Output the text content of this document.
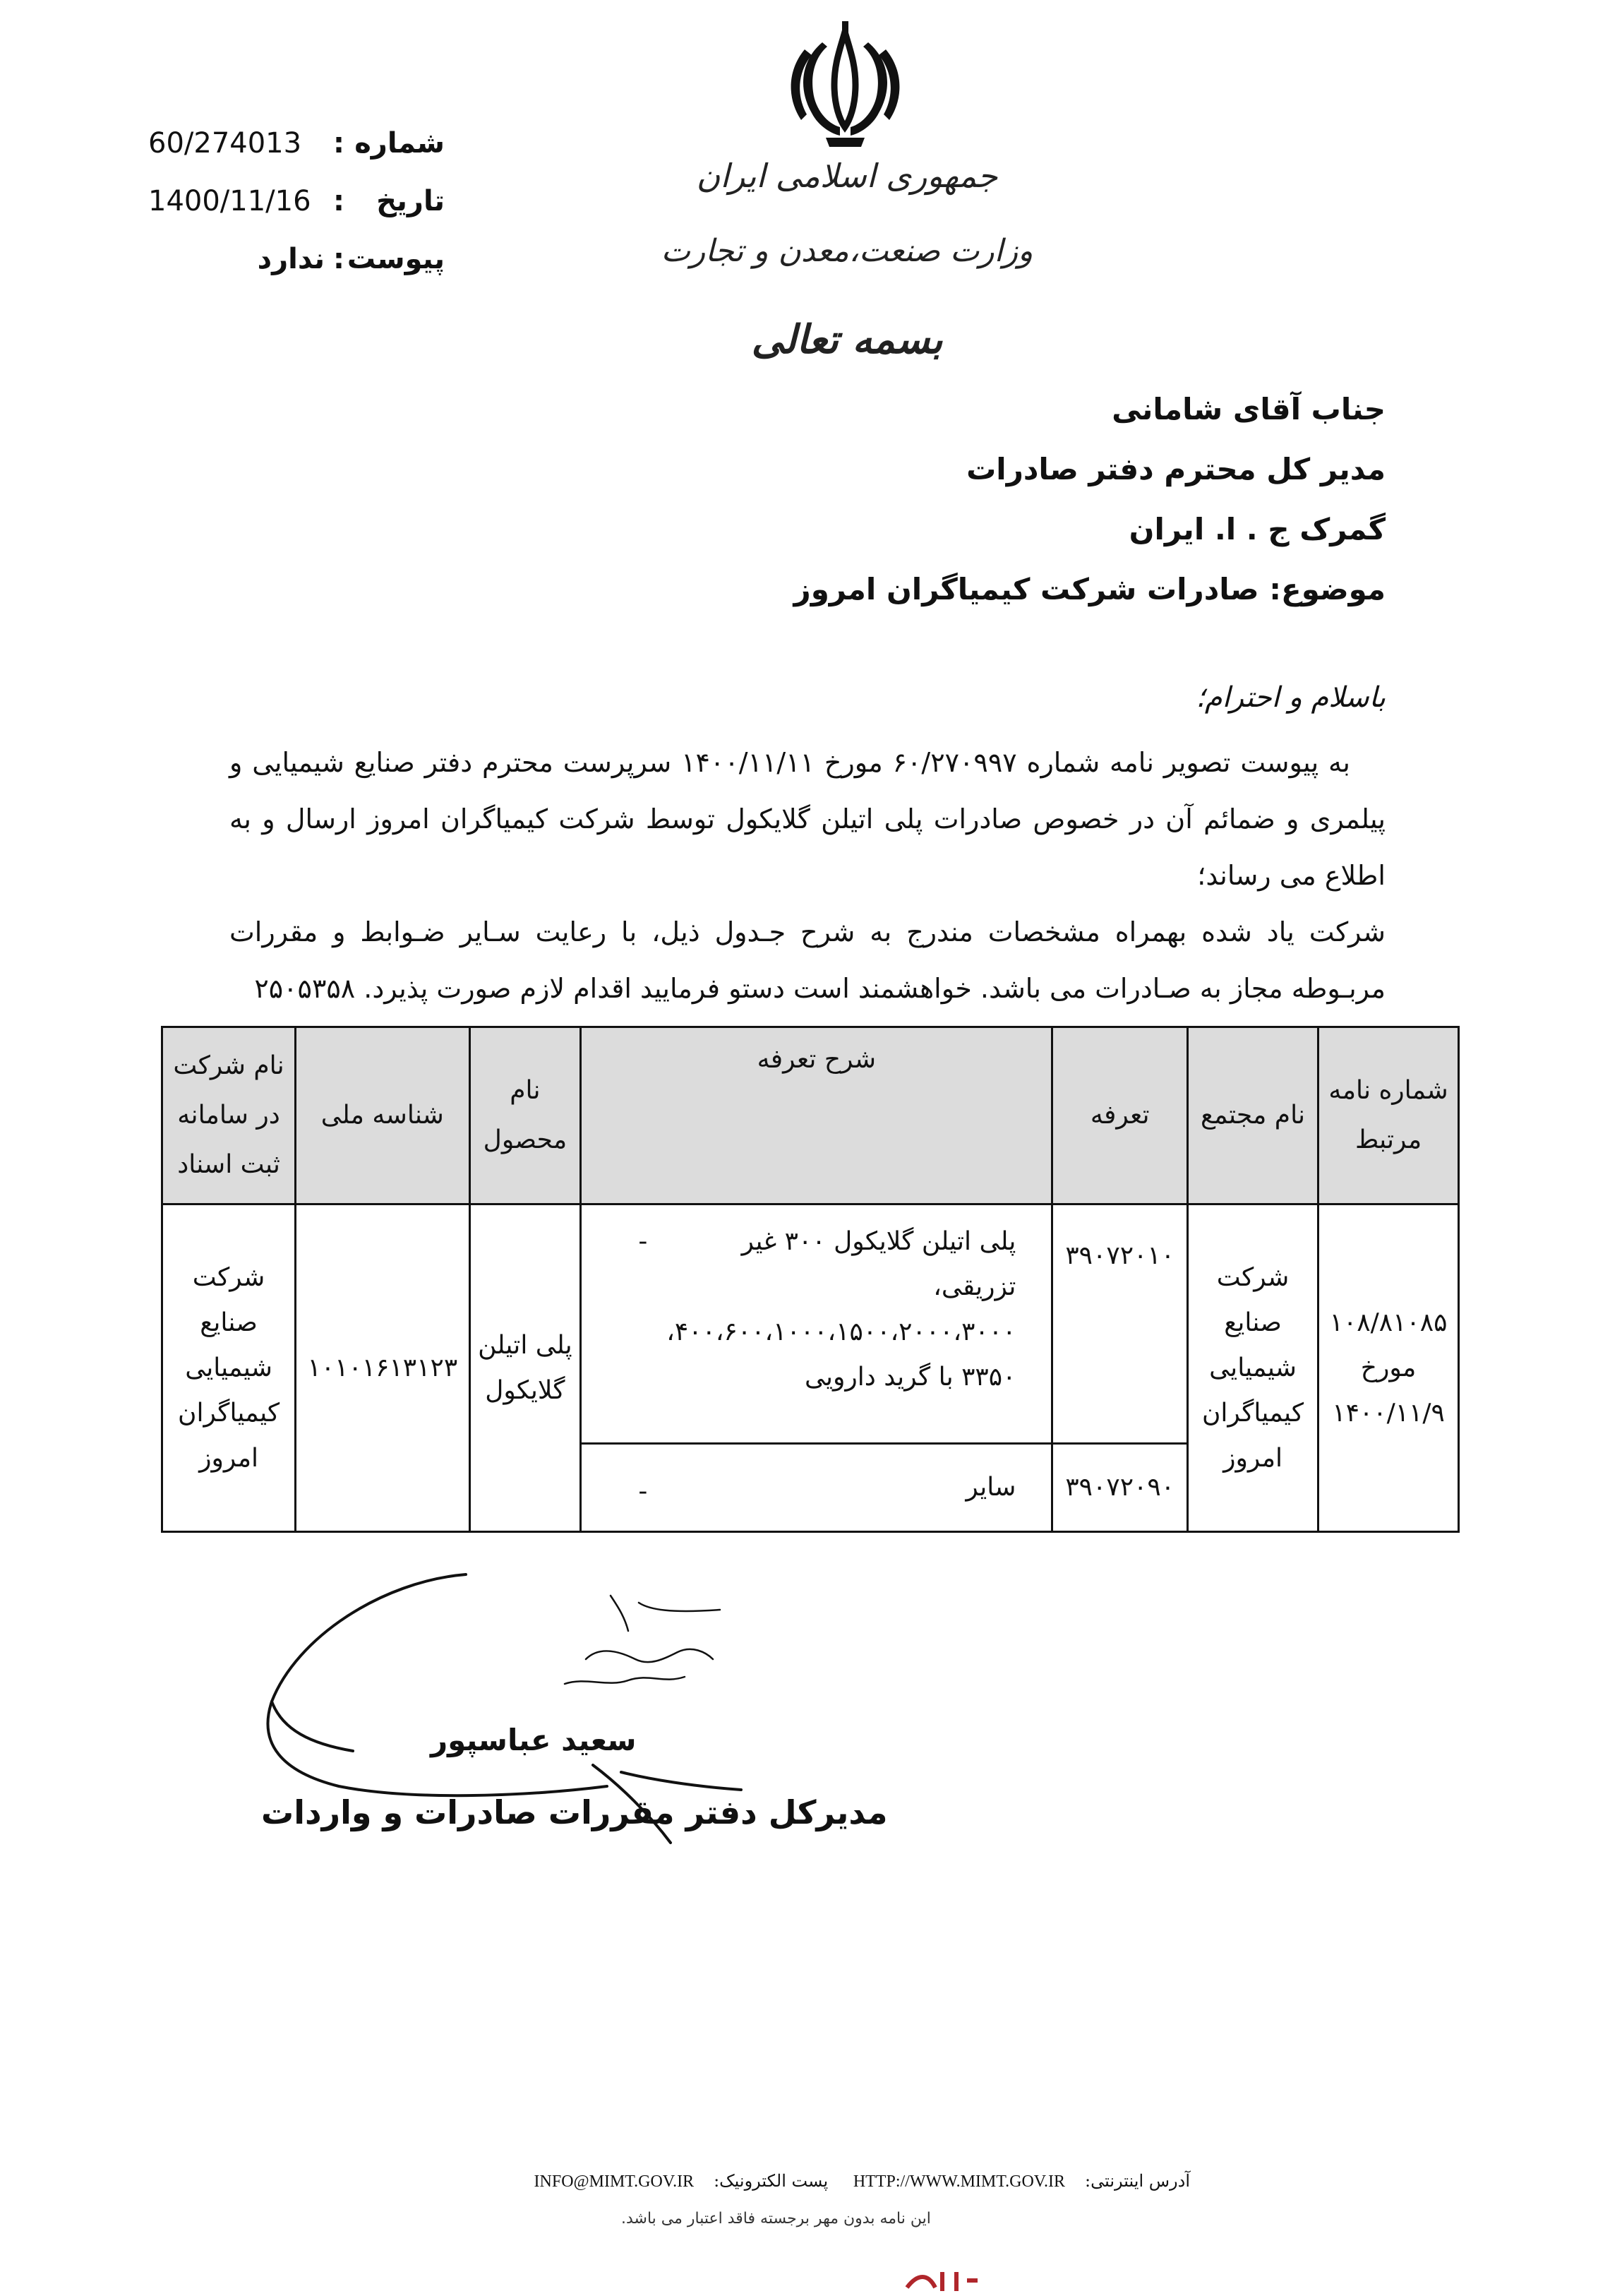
جمهوری اسلامی ایران
وزارت صنعت،معدن و تجارت
بسمه تعالی
شماره
:
60/274013
تاریخ
:
1400/11/16
پیوست
:
ندارد
جناب آقای شامانی
مدیر کل محترم دفتر صادرات
گمرک ج . ا. ایران
موضوع: صادرات شرکت کیمیاگران امروز
باسلام و احترام؛
به پیوست تصویر نامه شماره ۶۰/۲۷۰۹۹۷ مورخ ۱۴۰۰/۱۱/۱۱ سرپرست محترم دفتر صنایع شیمیایی و پیلمری و ضمائم آن در خصوص صادرات پلی اتیلن گلایکول توسط شرکت کیمیاگران امروز ارسال و به اطلاع می رساند؛
شرکت یاد شده بهمراه مشخصات مندرج به شرح جـدول ذیل، با رعایت سـایر ضـوابط و مقررات مربـوطه مجاز به صـادرات می باشد. خواهشمند است دستو فرمایید اقدام لازم صورت پذیرد. ۲۵۰۵۳۵۸
شماره نامه مرتبط	نام مجتمع	تعرفه	شرح تعرفه	نام محصول	شناسه ملی	نام شرکت در سامانه ثبت اسناد
۱۰۸/۸۱۰۸۵ مورخ ۱۴۰۰/۱۱/۹	شرکت صنایع شیمیایی کیمیاگران امروز	۳۹۰۷۲۰۱۰	- پلی اتیلن گلایکول ۳۰۰ غیر تزریقی، ۴۰۰،۶۰۰،۱۰۰۰،۱۵۰۰،۲۰۰۰،۳۰۰۰، ۳۳۵۰ با گرید دارویی	پلی اتیلن گلایکول	۱۰۱۰۱۶۱۳۱۲۳	شرکت صنایع شیمیایی کیمیاگران امروز
		۳۹۰۷۲۰۹۰	- سایر			
سعید عباسپور
مدیرکل دفتر مقررات صادرات و واردات
آدرس اینترنتی:HTTP://WWW.MIMT.GOV.IR پست الکترونیک:INFO@MIMT.GOV.IR
این نامه بدون مهر برجسته فاقد اعتبار می باشد.
